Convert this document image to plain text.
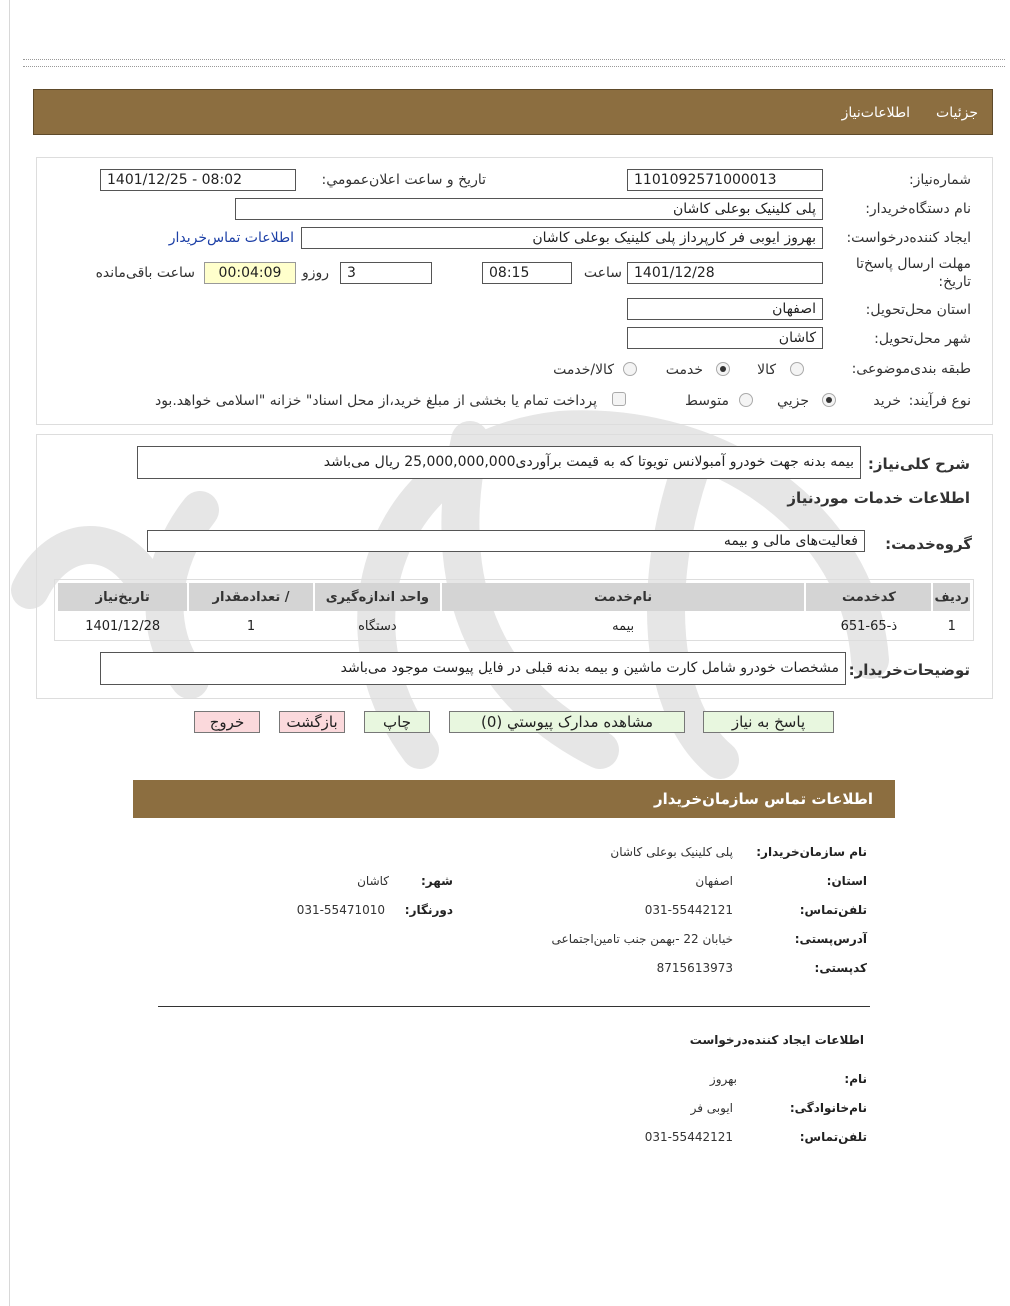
جزئیات
اطلاعات‌نیاز
شماره‌نیاز:
1101092571000013
تاریخ و ساعت اعلان‌عمومي:
1401/12/25 - 08:02
نام دستگاه‌خریدار:
پلی کلینیک بوعلی کاشان
ایجاد کننده‌درخواست:
بهروز ایوبی فر کارپرداز پلی کلینیک بوعلی کاشان
اطلاعات تماس‌خریدار
مهلت ارسال پاسخ‌تا
تاریخ:
1401/12/28
ساعت
08:15
3
روزو
00:04:09
ساعت باقی‌مانده
استان محل‌تحویل:
اصفهان
شهر محل‌تحویل:
کاشان
طبقه بندی‌موضوعی:
کالا
خدمت
کالا/خدمت
نوع فرآیند:
خرید
جزیي
متوسط
پرداخت تمام یا بخشی از مبلغ خرید،از محل اسناد" خزانه "اسلامی خواهد.بود
شرح کلی‌نیاز:
بیمه بدنه جهت خودرو آمبولانس تویوتا که به قیمت برآوردی25,000,000,000 ریال می‌باشد
اطلاعات خدمات موردنیاز
گروه‌خدمت:
فعالیت‌های مالی و بیمه
ردیف	کدخدمت	نام‌خدمت	واحد اندازه‌گیری	/ تعدادمقدار	تاریخ‌نیاز
1	ذ-65-651	بیمه	دستگاه	1	1401/12/28
توضیحات‌خریدار:
مشخصات خودرو شامل کارت ماشین و بیمه بدنه قبلی در فایل پیوست موجود می‌باشد
پاسخ به نیاز
مشاهده مدارک پیوستي (0)
چاپ
بازگشت
خروج
اطلاعات تماس سازمان‌خریدار
نام سازمان‌خریدار:
پلی کلینیک بوعلی کاشان
استان:
اصفهان
شهر:
کاشان
تلفن‌تماس:
031-55442121
دورنگار:
031-55471010
آدرس‌پستی:
خیابان 22 -بهمن جنب تامین‌اجتماعی
کدپستی:
8715613973
اطلاعات ایجاد کننده‌درخواست
نام:
بهروز
نام‌خانوادگی:
ایوبی فر
تلفن‌تماس:
031-55442121
